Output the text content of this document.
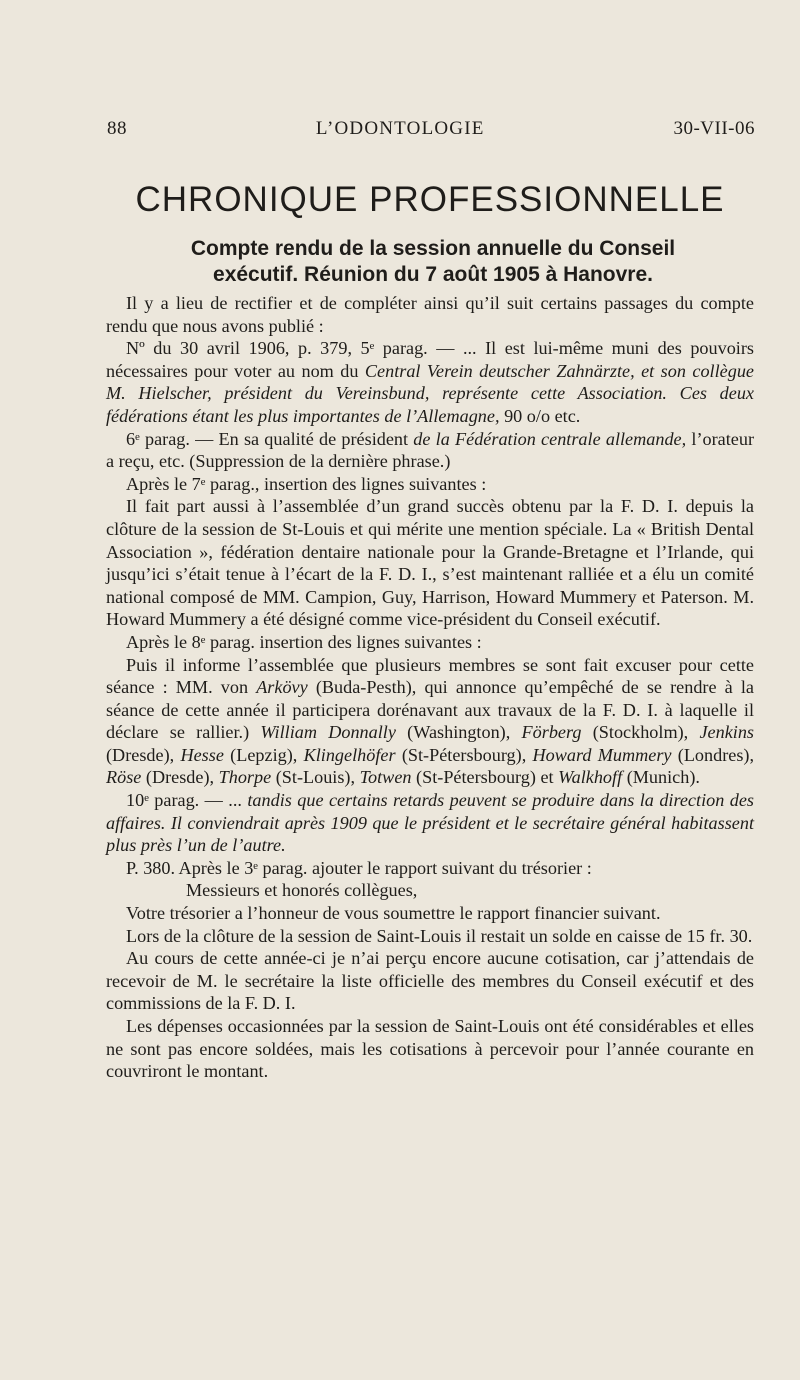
88	L’ODONTOLOGIE	30-VII-06
CHRONIQUE PROFESSIONNELLE
Compte rendu de la session annuelle du Conseil
exécutif. Réunion du 7 août 1905 à Hanovre.

Il y a lieu de rectifier et de compléter ainsi qu’il suit certains passages du compte rendu que nous avons publié :

Nº du 30 avril 1906, p. 379, 5ᵉ parag. — ... Il est lui-même muni des pouvoirs nécessaires pour voter au nom du Central Verein deutscher Zahnärzte, et son collègue M. Hielscher, président du Vereinsbund, représente cette Association. Ces deux fédérations étant les plus importantes de l’Allemagne, 90 o/o etc.

6ᵉ parag. — En sa qualité de président de la Fédération centrale allemande, l’orateur a reçu, etc. (Suppression de la dernière phrase.)

Après le 7ᵉ parag., insertion des lignes suivantes :

Il fait part aussi à l’assemblée d’un grand succès obtenu par la F. D. I. depuis la clôture de la session de St-Louis et qui mérite une mention spéciale. La « British Dental Association », fédération dentaire nationale pour la Grande-Bretagne et l’Irlande, qui jusqu’ici s’était tenue à l’écart de la F. D. I., s’est maintenant ralliée et a élu un comité national composé de MM. Campion, Guy, Harrison, Howard Mummery et Paterson. M. Howard Mummery a été désigné comme vice-président du Conseil exécutif.

Après le 8ᵉ parag. insertion des lignes suivantes :

Puis il informe l’assemblée que plusieurs membres se sont fait excuser pour cette séance : MM. von Arkövy (Buda-Pesth), qui annonce qu’empêché de se rendre à la séance de cette année il participera dorénavant aux travaux de la F. D. I. à laquelle il déclare se rallier.) William Donnally (Washington), Förberg (Stockholm), Jenkins (Dresde), Hesse (Lepzig), Klingelhöfer (St-Pétersbourg), Howard Mummery (Londres), Röse (Dresde), Thorpe (St-Louis), Totwen (St-Pétersbourg) et Walkhoff (Munich).

10ᵉ parag. — ... tandis que certains retards peuvent se produire dans la direction des affaires. Il conviendrait après 1909 que le président et le secrétaire général habitassent plus près l’un de l’autre.

P. 380. Après le 3ᵉ parag. ajouter le rapport suivant du trésorier :

Messieurs et honorés collègues,

Votre trésorier a l’honneur de vous soumettre le rapport financier suivant.

Lors de la clôture de la session de Saint-Louis il restait un solde en caisse de 15 fr. 30.

Au cours de cette année-ci je n’ai perçu encore aucune cotisation, car j’attendais de recevoir de M. le secrétaire la liste officielle des membres du Conseil exécutif et des commissions de la F. D. I.

Les dépenses occasionnées par la session de Saint-Louis ont été considérables et elles ne sont pas encore soldées, mais les cotisations à percevoir pour l’année courante en couvriront le montant.
